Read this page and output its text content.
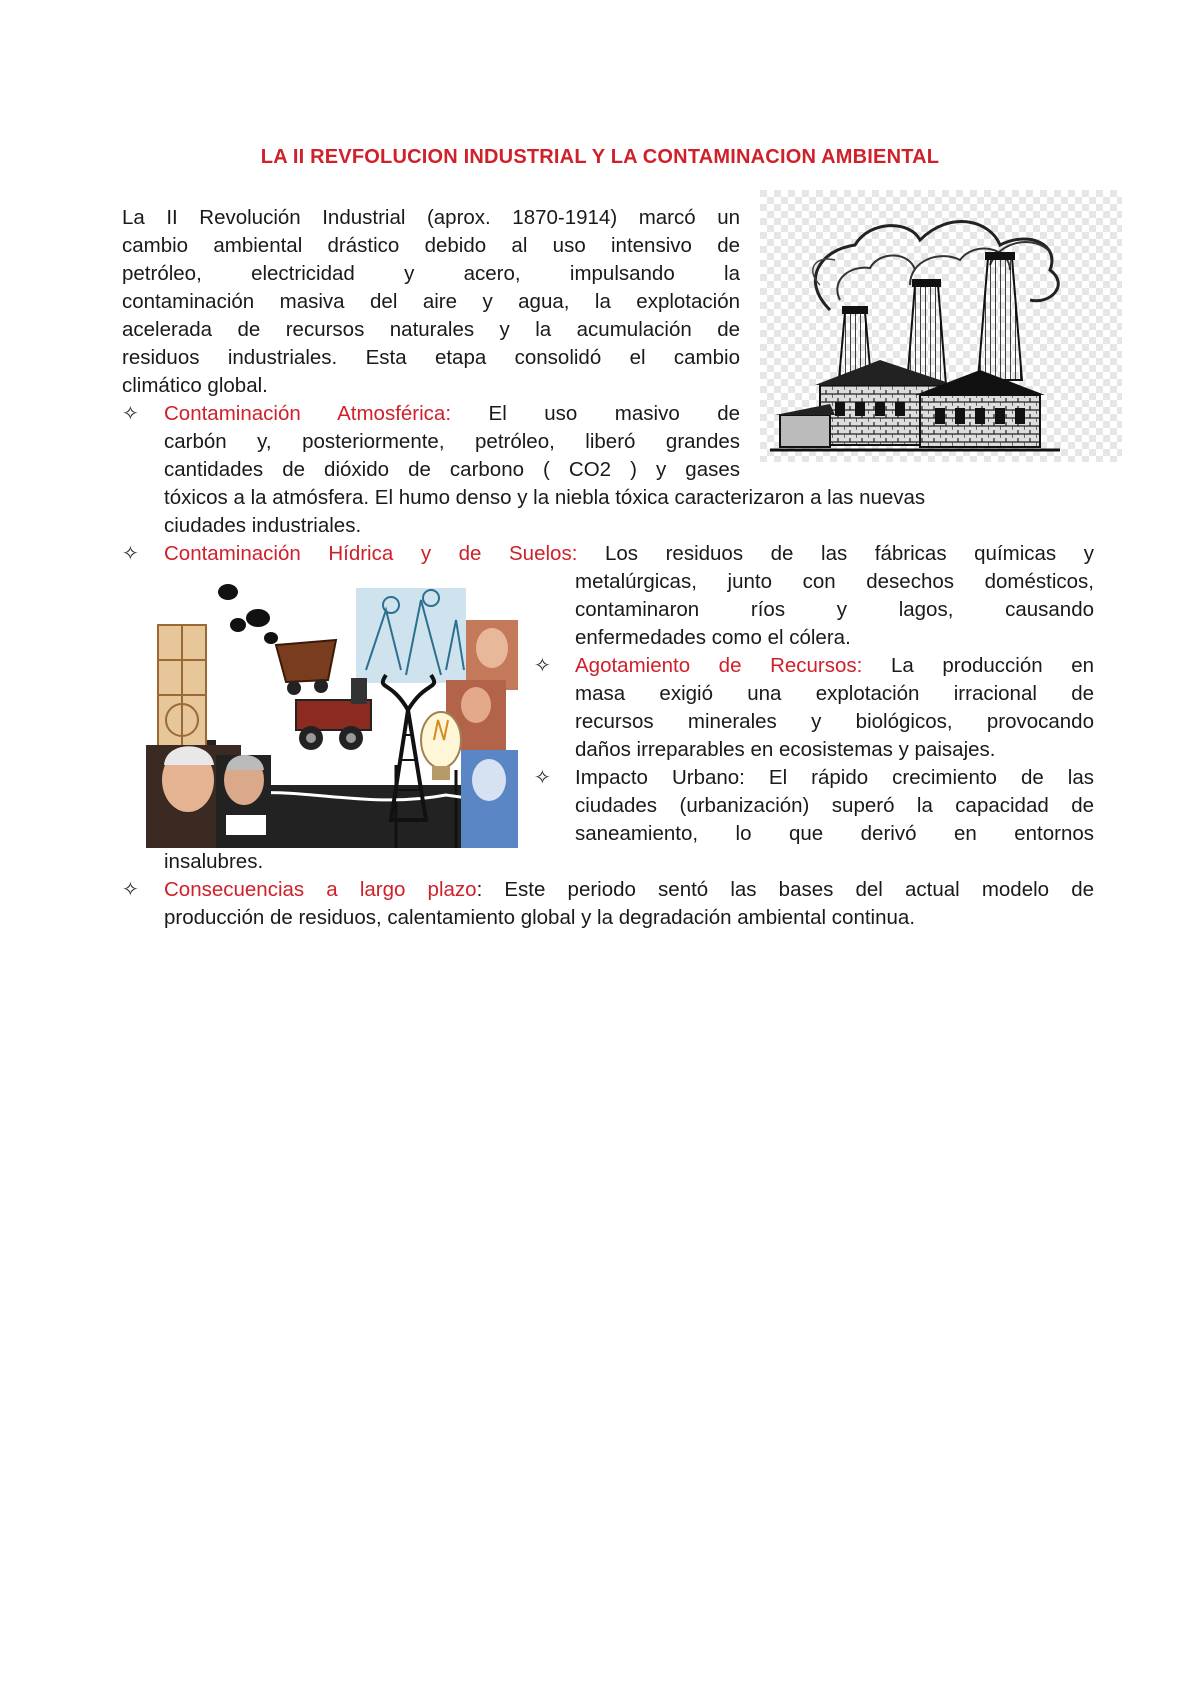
LA II REVFOLUCION INDUSTRIAL Y LA CONTAMINACION AMBIENTAL
La II Revolución Industrial (aprox. 1870-1914) marcó un
cambio ambiental drástico debido al uso intensivo de
petróleo, electricidad y acero, impulsando la
contaminación masiva del aire y agua, la explotación
acelerada de recursos naturales y la acumulación de
residuos industriales. Esta etapa consolidó el cambio
climático global.
✧ Contaminación Atmosférica: El uso masivo de
carbón y, posteriormente, petróleo, liberó grandes
cantidades de dióxido de carbono ( CO2 ) y gases
tóxicos a la atmósfera. El humo denso y la niebla tóxica caracterizaron a las nuevas
ciudades industriales.
✧ Contaminación Hídrica y de Suelos: Los residuos de las fábricas químicas y
metalúrgicas, junto con desechos domésticos,
contaminaron ríos y lagos, causando
enfermedades como el cólera.
✧ Agotamiento de Recursos: La producción en
masa exigió una explotación irracional de
recursos minerales y biológicos, provocando
daños irreparables en ecosistemas y paisajes.
✧ Impacto Urbano: El rápido crecimiento de las
ciudades (urbanización) superó la capacidad de
saneamiento, lo que derivó en entornos
insalubres.
✧ Consecuencias a largo plazo: Este periodo sentó las bases del actual modelo de
producción de residuos, calentamiento global y la degradación ambiental continua.
